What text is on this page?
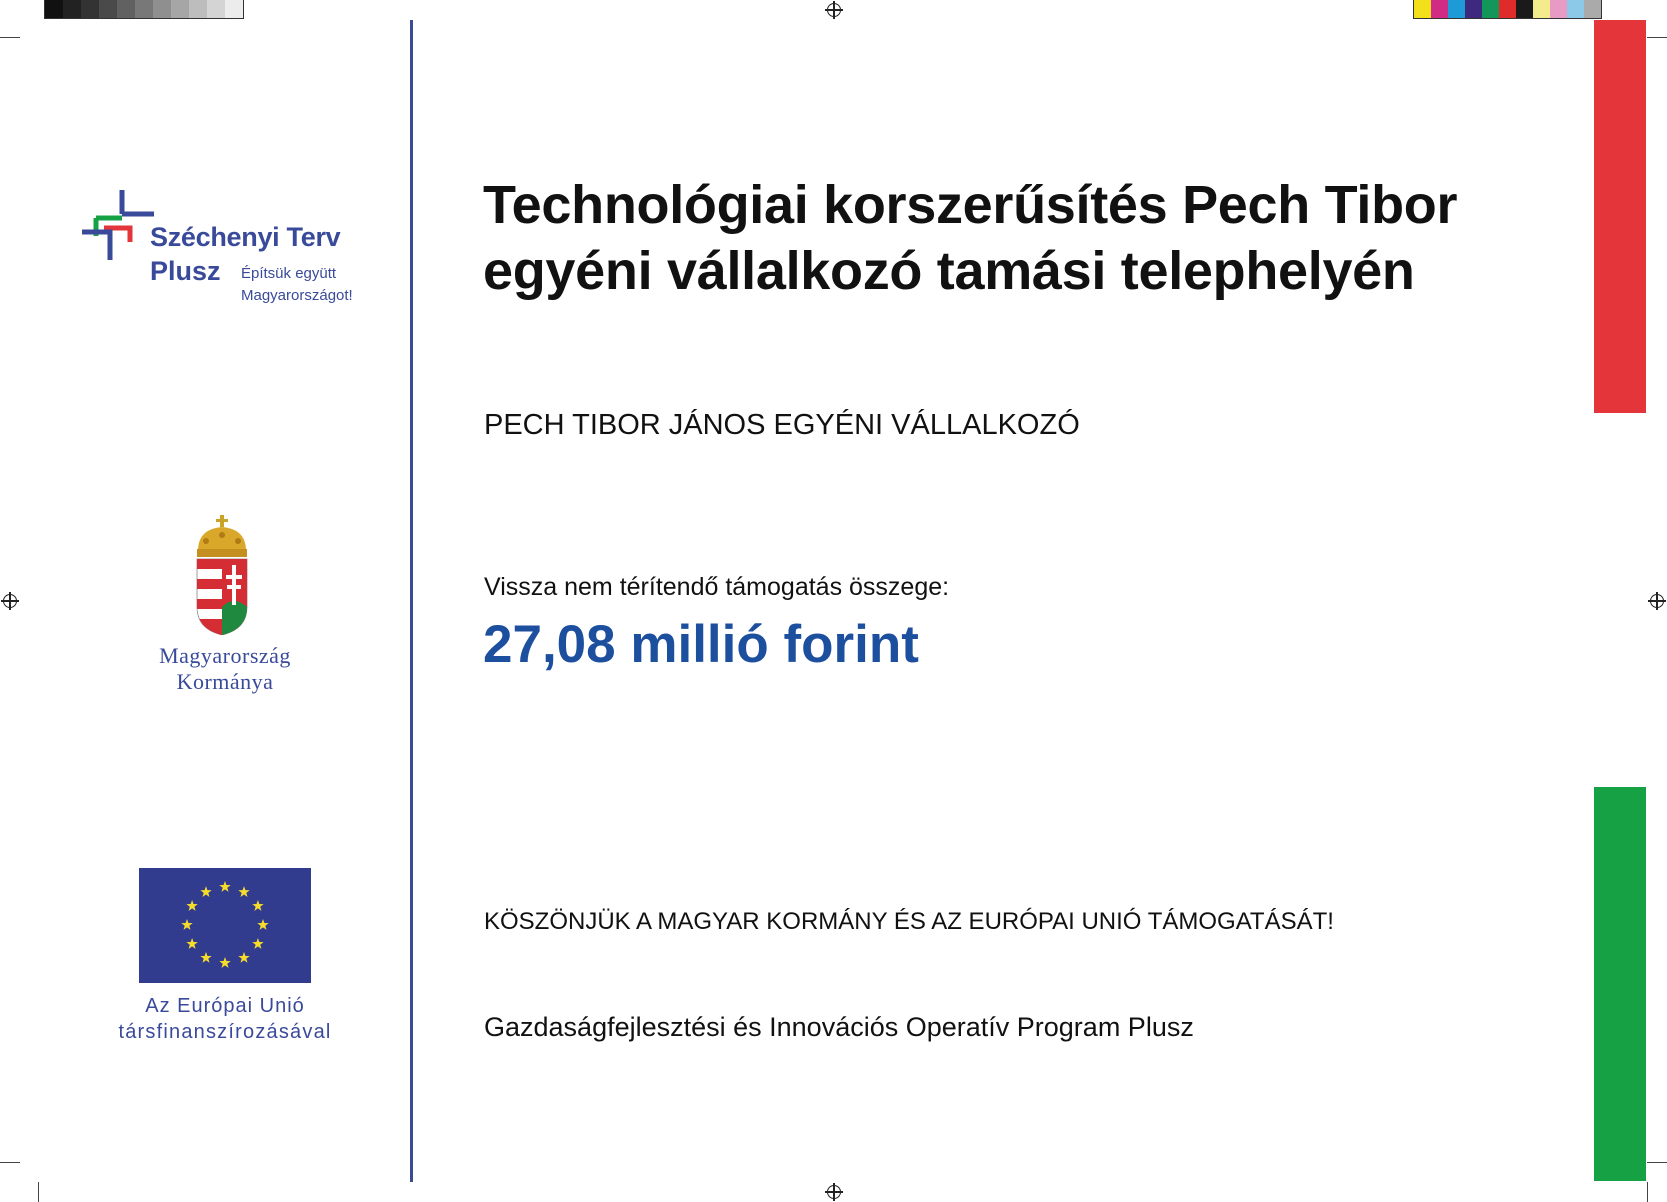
Széchenyi Terv
Plusz Építsük együtt
Magyarországot!
Magyarország
Kormánya
Az Európai Unió
társfinanszírozásával
Technológiai korszerűsítés Pech Tibor egyéni vállalkozó tamási telephelyén
PECH TIBOR JÁNOS EGYÉNI VÁLLALKOZÓ
Vissza nem térítendő támogatás összege:
27,08 millió forint
KÖSZÖNJÜK A MAGYAR KORMÁNY ÉS AZ EURÓPAI UNIÓ TÁMOGATÁSÁT!
Gazdaságfejlesztési és Innovációs Operatív Program Plusz
